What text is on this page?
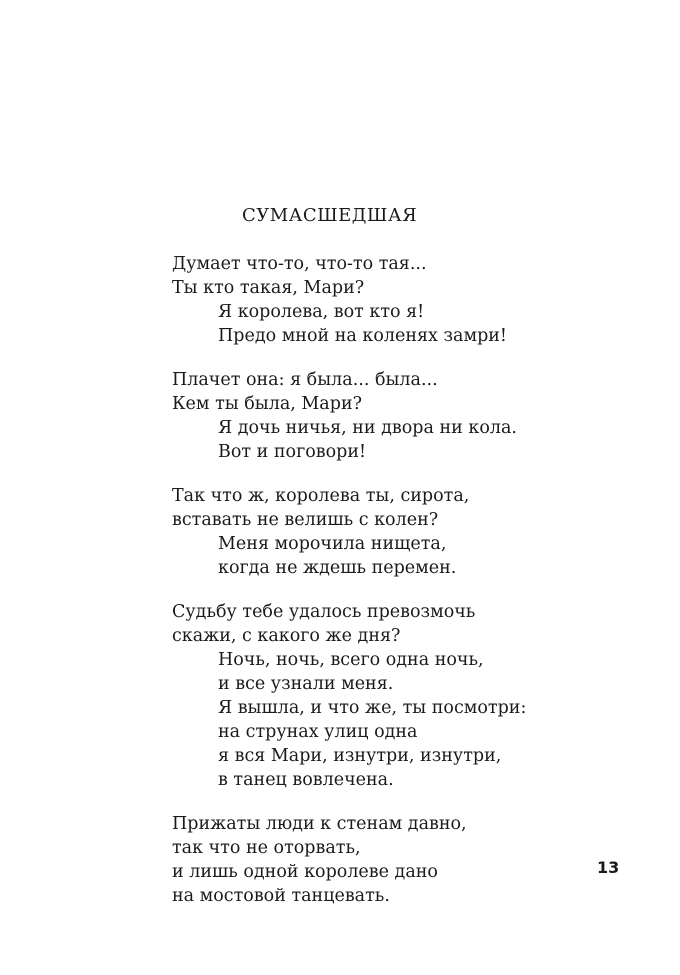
СУМАСШЕДШАЯ
Думает что-то, что-то тая...
Ты кто такая, Мари?
Я королева, вот кто я!
Предо мной на коленях замри!
Плачет она: я была... была...
Кем ты была, Мари?
Я дочь ничья, ни двора ни кола.
Вот и поговори!
Так что ж, королева ты, сирота,
вставать не велишь с колен?
Меня морочила нищета,
когда не ждешь перемен.
Судьбу тебе удалось превозмочь
скажи, с какого же дня?
Ночь, ночь, всего одна ночь,
и все узнали меня.
Я вышла, и что же, ты посмотри:
на струнах улиц одна
я вся Мари, изнутри, изнутри,
в танец вовлечена.
Прижаты люди к стенам давно,
так что не оторвать,
и лишь одной королеве дано
на мостовой танцевать.
13
